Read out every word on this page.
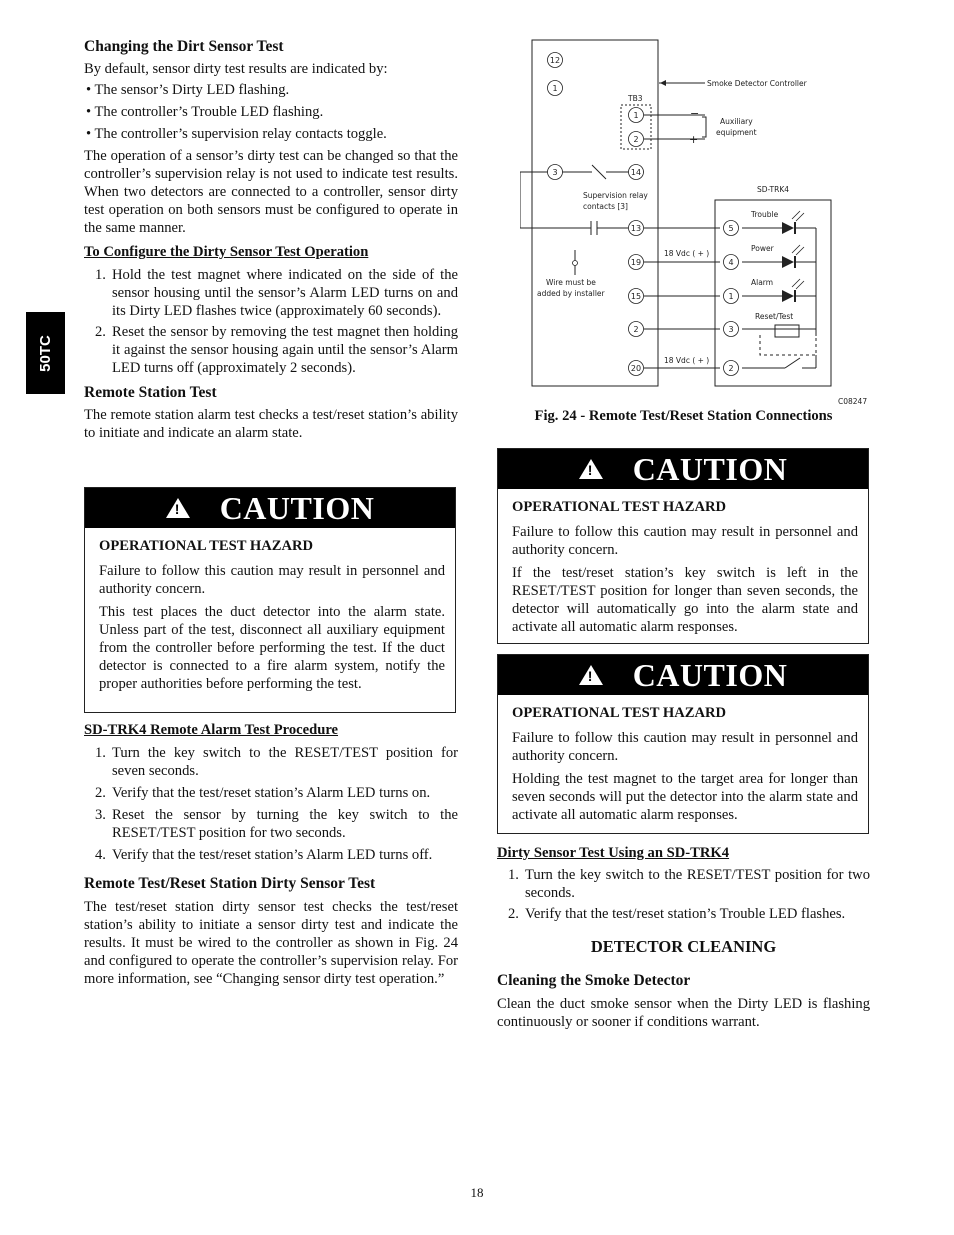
50TC
Changing the Dirt Sensor Test

By default, sensor dirty test results are indicated by:

• The sensor’s Dirty LED flashing.
• The controller’s Trouble LED flashing.
• The controller’s supervision relay contacts toggle.

The operation of a sensor’s dirty test can be changed so that the controller’s supervision relay is not used to indicate test results. When two detectors are connected to a controller, sensor dirty test operation on both sensors must be configured to operate in the same manner.

To Configure the Dirty Sensor Test Operation
1. Hold the test magnet where indicated on the side of the sensor housing until the sensor’s Alarm LED turns on and its Dirty LED flashes twice (approximately 60 seconds).
2. Reset the sensor by removing the test magnet then holding it against the sensor housing again until the sensor’s Alarm LED turns off (approximately 2 seconds).
Remote Station Test

The remote station alarm test checks a test/reset station’s ability to initiate and indicate an alarm state.

! CAUTION
OPERATIONAL TEST HAZARD

Failure to follow this caution may result in personnel and authority concern.

This test places the duct detector into the alarm state. Unless part of the test, disconnect all auxiliary equipment from the controller before performing the test. If the duct detector is connected to a fire alarm system, notify the proper authorities before performing the test.

SD-TRK4 Remote Alarm Test Procedure
1. Turn the key switch to the RESET/TEST position for seven seconds.
2. Verify that the test/reset station’s Alarm LED turns on.
3. Reset the sensor by turning the key switch to the RESET/TEST position for two seconds.
4. Verify that the test/reset station’s Alarm LED turns off.
Remote Test/Reset Station Dirty Sensor Test

The test/reset station dirty sensor test checks the test/reset station’s ability to initiate a sensor dirty test and indicate the results. It must be wired to the controller as shown in Fig. 24 and configured to operate the controller’s supervision relay. For more information, see “Changing sensor dirty test operation.”

12
1
3	14
13
19
15
2
20
1
2
5
4
1
3
2
Smoke Detector Controller
TB3
−
+
Auxiliary
equipment
Supervision relay
contacts [3]
Wire must be
added by installer
SD-TRK4
Trouble
Power
Alarm
Reset/Test
18 Vdc ( + )
18 Vdc ( + )
C08247
Fig. 24 - Remote Test/Reset Station Connections
! CAUTION
OPERATIONAL TEST HAZARD

Failure to follow this caution may result in personnel and authority concern.

If the test/reset station’s key switch is left in the RESET/TEST position for longer than seven seconds, the detector will automatically go into the alarm state and activate all automatic alarm responses.

! CAUTION
OPERATIONAL TEST HAZARD

Failure to follow this caution may result in personnel and authority concern.

Holding the test magnet to the target area for longer than seven seconds will put the detector into the alarm state and activate all automatic alarm responses.

Dirty Sensor Test Using an SD-TRK4
1. Turn the key switch to the RESET/TEST position for two seconds.
2. Verify that the test/reset station’s Trouble LED flashes.
DETECTOR CLEANING
Cleaning the Smoke Detector

Clean the duct smoke sensor when the Dirty LED is flashing continuously or sooner if conditions warrant.

18
